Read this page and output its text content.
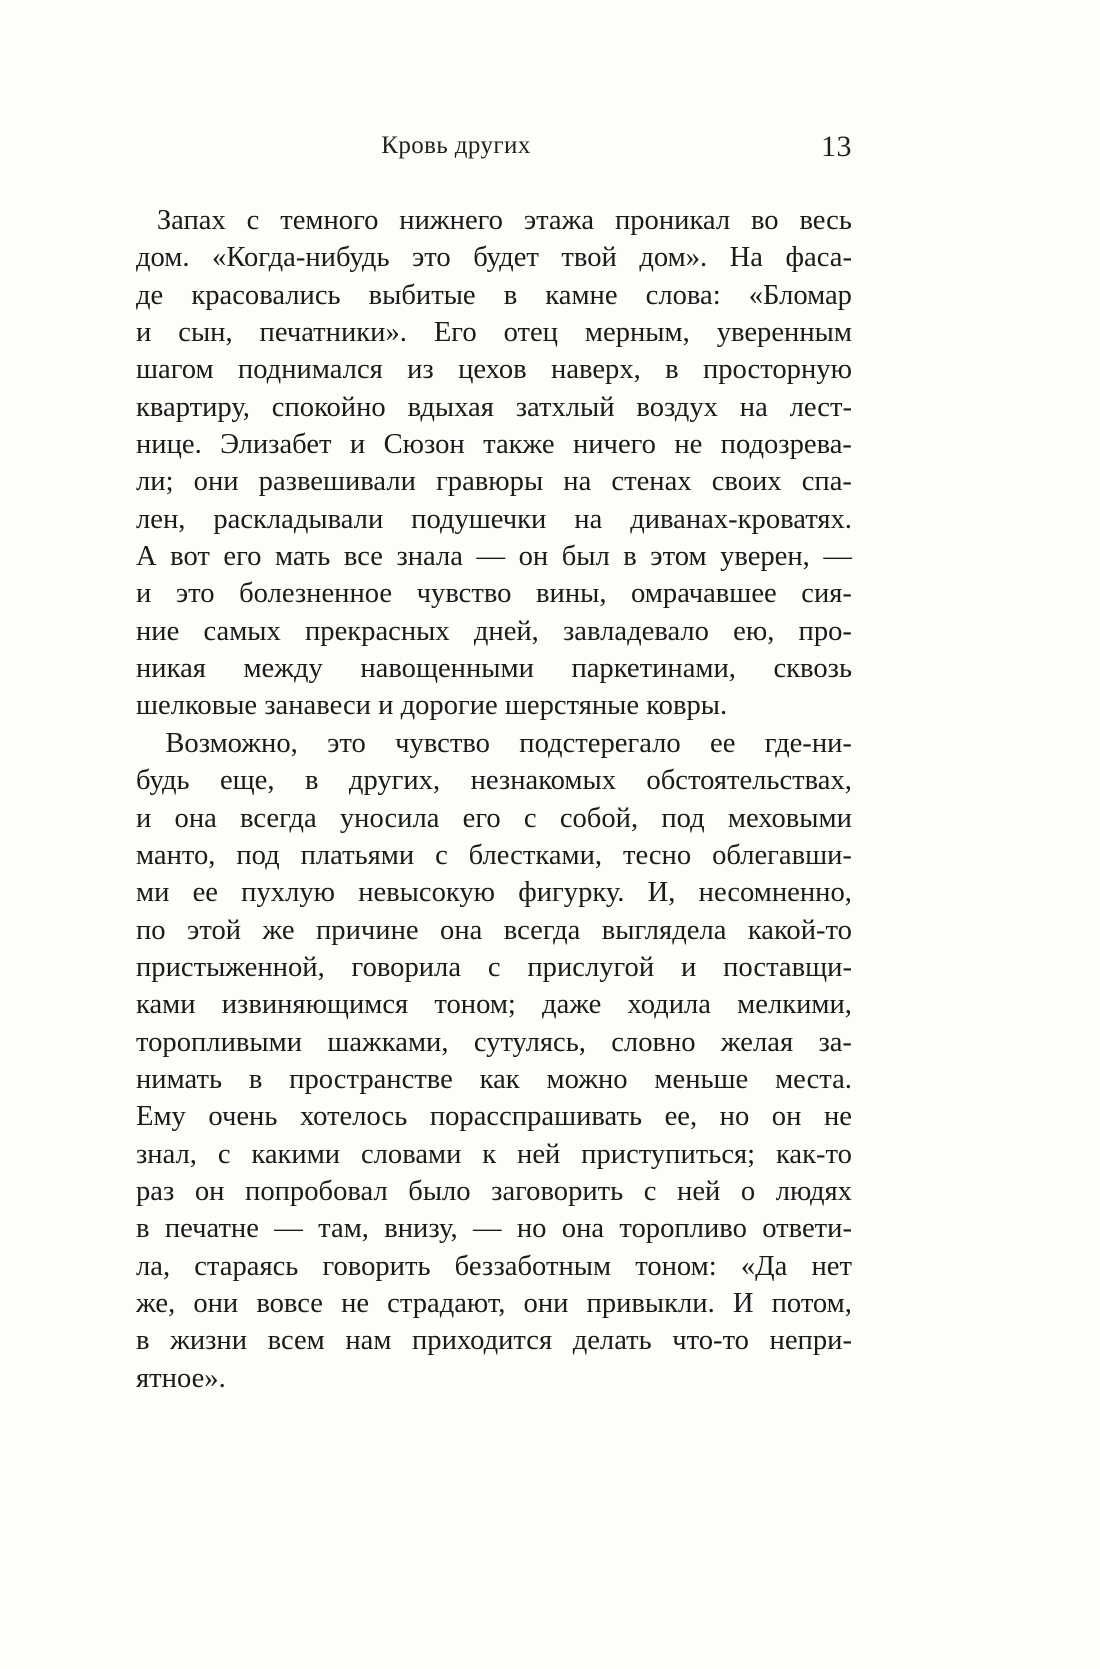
Кровь других	13
Запах с темного нижнего этажа проникал во весь
дом. «Когда-нибудь это будет твой дом». На фаса-
де красовались выбитые в камне слова: «Бломар
и сын, печатники». Его отец мерным, уверенным
шагом поднимался из цехов наверх, в просторную
квартиру, спокойно вдыхая затхлый воздух на лест-
нице. Элизабет и Сюзон также ничего не подозрева-
ли; они развешивали гравюры на стенах своих спа-
лен, раскладывали подушечки на диванах-кроватях.
А вот его мать все знала — он был в этом уверен, —
и это болезненное чувство вины, омрачавшее сия-
ние самых прекрасных дней, завладевало ею, про-
никая между навощенными паркетинами, сквозь
шелковые занавеси и дорогие шерстяные ковры.
Возможно, это чувство подстерегало ее где-ни-
будь еще, в других, незнакомых обстоятельствах,
и она всегда уносила его с собой, под меховыми
манто, под платьями с блестками, тесно облегавши-
ми ее пухлую невысокую фигурку. И, несомненно,
по этой же причине она всегда выглядела какой-то
пристыженной, говорила с прислугой и поставщи-
ками извиняющимся тоном; даже ходила мелкими,
торопливыми шажками, сутулясь, словно желая за-
нимать в пространстве как можно меньше места.
Ему очень хотелось порасспрашивать ее, но он не
знал, с какими словами к ней приступиться; как-то
раз он попробовал было заговорить с ней о людях
в печатне — там, внизу, — но она торопливо ответи-
ла, стараясь говорить беззаботным тоном: «Да нет
же, они вовсе не страдают, они привыкли. И потом,
в жизни всем нам приходится делать что-то непри-
ятное».
